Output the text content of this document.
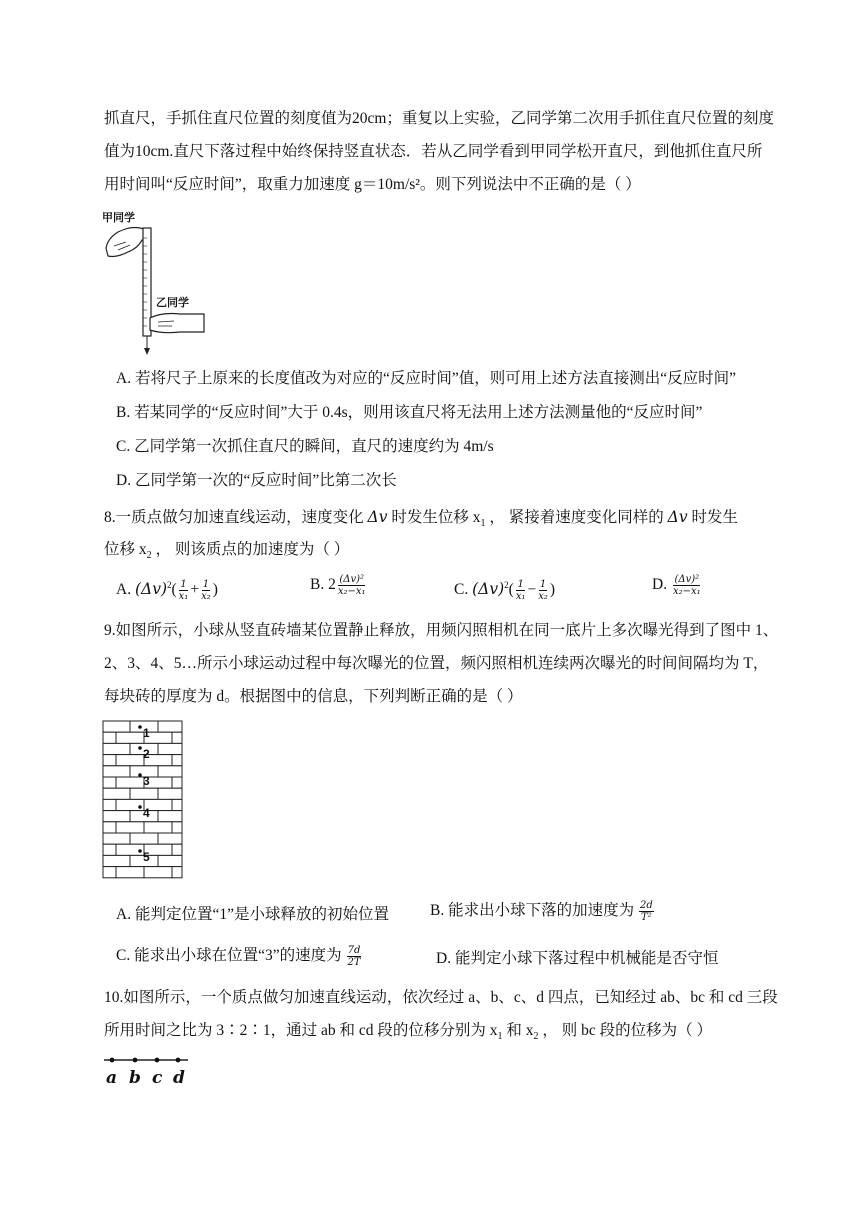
抓直尺，手抓住直尺位置的刻度值为20cm；重复以上实验，乙同学第二次用手抓住直尺位置的刻度
值为10cm.直尺下落过程中始终保持竖直状态．若从乙同学看到甲同学松开直尺，到他抓住直尺所
用时间叫“反应时间”，取重力加速度 g＝10m/s²。则下列说法中不正确的是（ ）
甲同学
乙同学
A. 若将尺子上原来的长度值改为对应的“反应时间”值，则可用上述方法直接测出“反应时间”
B. 若某同学的“反应时间”大于 0.4s，则用该直尺将无法用上述方法测量他的“反应时间”
C. 乙同学第一次抓住直尺的瞬间，直尺的速度约为 4m/s
D. 乙同学第一次的“反应时间”比第二次长
8.一质点做匀加速直线运动，速度变化 Δv 时发生位移 $x_1$ ， 紧接着速度变化同样的 Δv 时发生
位移 $x_2$ ， 则该质点的加速度为（ ）
A. $(\Delta v)^2( \frac{1}{\text{x₁}} + \frac{1}{\text{x₂}}$ )	B. $2 \frac{\text{(Δv)²}}{\text{x₂−x₁}}$	C. $(\Delta v)^2( \frac{1}{\text{x₁}} - \frac{1}{\text{x₂}}$ )	D. $\frac{\text{(Δv)²}}{\text{x₂−x₁}}$
9.如图所示，小球从竖直砖墙某位置静止释放，用频闪照相机在同一底片上多次曝光得到了图中 1、
2、3、4、5…所示小球运动过程中每次曝光的位置，频闪照相机连续两次曝光的时间间隔均为 T，
每块砖的厚度为 d。根据图中的信息，下列判断正确的是（ ）
1
2
3
4
5
A. 能判定位置“1”是小球释放的初始位置	B. 能求出小球下落的加速度为 $\frac{2d}{\text{T²}}$
C. 能求出小球在位置“3”的速度为 $\frac{7d}{2T}$	D. 能判定小球下落过程中机械能是否守恒
10.如图所示，一个质点做匀加速直线运动，依次经过 a、b、c、d 四点，已知经过 ab、bc 和 cd 三段
所用时间之比为 3∶2∶1，通过 ab 和 cd 段的位移分别为 $x_1$ 和 $x_2$ ， 则 bc 段的位移为（ ）
a b c d
